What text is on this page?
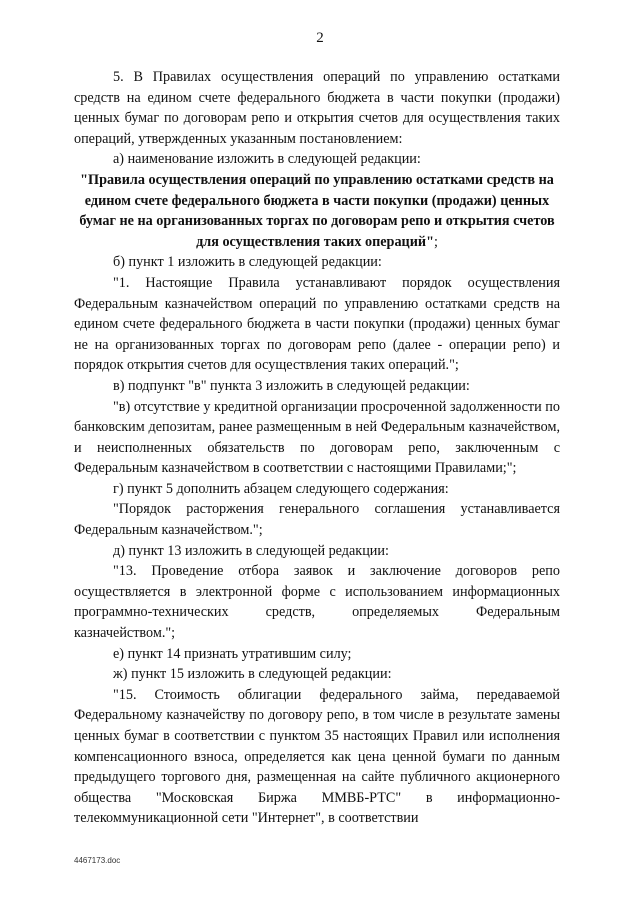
2

5. В Правилах осуществления операций по управлению остатками средств на едином счете федерального бюджета в части покупки (продажи) ценных бумаг по договорам репо и открытия счетов для осуществления таких операций, утвержденных указанным постановлением:

а) наименование изложить в следующей редакции:

"Правила осуществления операций по управлению остатками средств на едином счете федерального бюджета в части покупки (продажи) ценных бумаг не на организованных торгах по договорам репо и открытия счетов для осуществления таких операций";

б) пункт 1 изложить в следующей редакции:

"1. Настоящие Правила устанавливают порядок осуществления Федеральным казначейством операций по управлению остатками средств на едином счете федерального бюджета в части покупки (продажи) ценных бумаг не на организованных торгах по договорам репо (далее - операции репо) и порядок открытия счетов для осуществления таких операций.";

в) подпункт "в" пункта 3 изложить в следующей редакции:

"в) отсутствие у кредитной организации просроченной задолженности по банковским депозитам, ранее размещенным в ней Федеральным казначейством, и неисполненных обязательств по договорам репо, заключенным с Федеральным казначейством в соответствии с настоящими Правилами;";

г) пункт 5 дополнить абзацем следующего содержания:

"Порядок расторжения генерального соглашения устанавливается Федеральным казначейством.";

д) пункт 13 изложить в следующей редакции:

"13. Проведение отбора заявок и заключение договоров репо осуществляется в электронной форме с использованием информационных программно-технических средств, определяемых Федеральным казначейством.";

е) пункт 14 признать утратившим силу;

ж) пункт 15 изложить в следующей редакции:

"15. Стоимость облигации федерального займа, передаваемой Федеральному казначейству по договору репо, в том числе в результате замены ценных бумаг в соответствии с пунктом 35 настоящих Правил или исполнения компенсационного взноса, определяется как цена ценной бумаги по данным предыдущего торгового дня, размещенная на сайте публичного акционерного общества "Московская Биржа ММВБ-РТС" в информационно-телекоммуникационной сети "Интернет", в соответствии

4467173.doc
